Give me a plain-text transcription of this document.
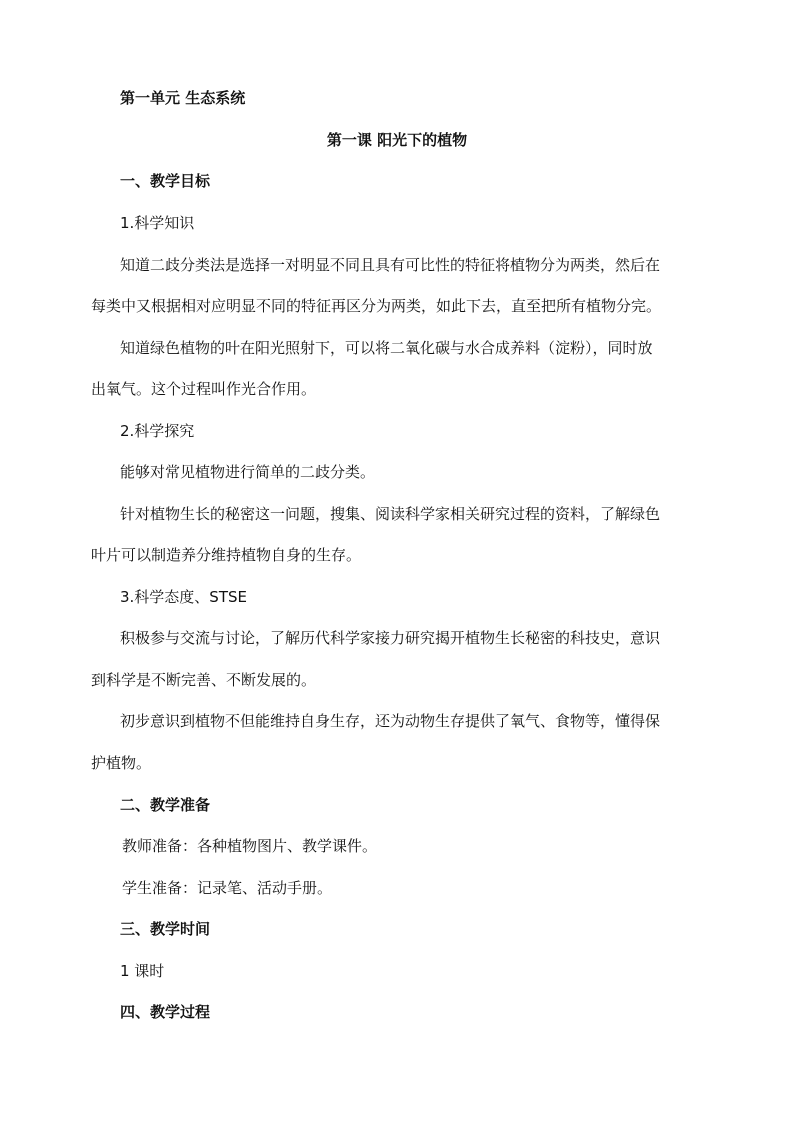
第一单元 生态系统
第一课 阳光下的植物
一、教学目标
1.科学知识
知道二歧分类法是选择一对明显不同且具有可比性的特征将植物分为两类，然后在
每类中又根据相对应明显不同的特征再区分为两类，如此下去，直至把所有植物分完。
知道绿色植物的叶在阳光照射下，可以将二氧化碳与水合成养料（淀粉），同时放
出氧气。这个过程叫作光合作用。
2.科学探究
能够对常见植物进行简单的二歧分类。
针对植物生长的秘密这一问题，搜集、阅读科学家相关研究过程的资料，了解绿色
叶片可以制造养分维持植物自身的生存。
3.科学态度、STSE
积极参与交流与讨论，了解历代科学家接力研究揭开植物生长秘密的科技史，意识
到科学是不断完善、不断发展的。
初步意识到植物不但能维持自身生存，还为动物生存提供了氧气、食物等，懂得保
护植物。
二、教学准备
教师准备：各种植物图片、教学课件。
学生准备：记录笔、活动手册。
三、教学时间
1 课时
四、教学过程
